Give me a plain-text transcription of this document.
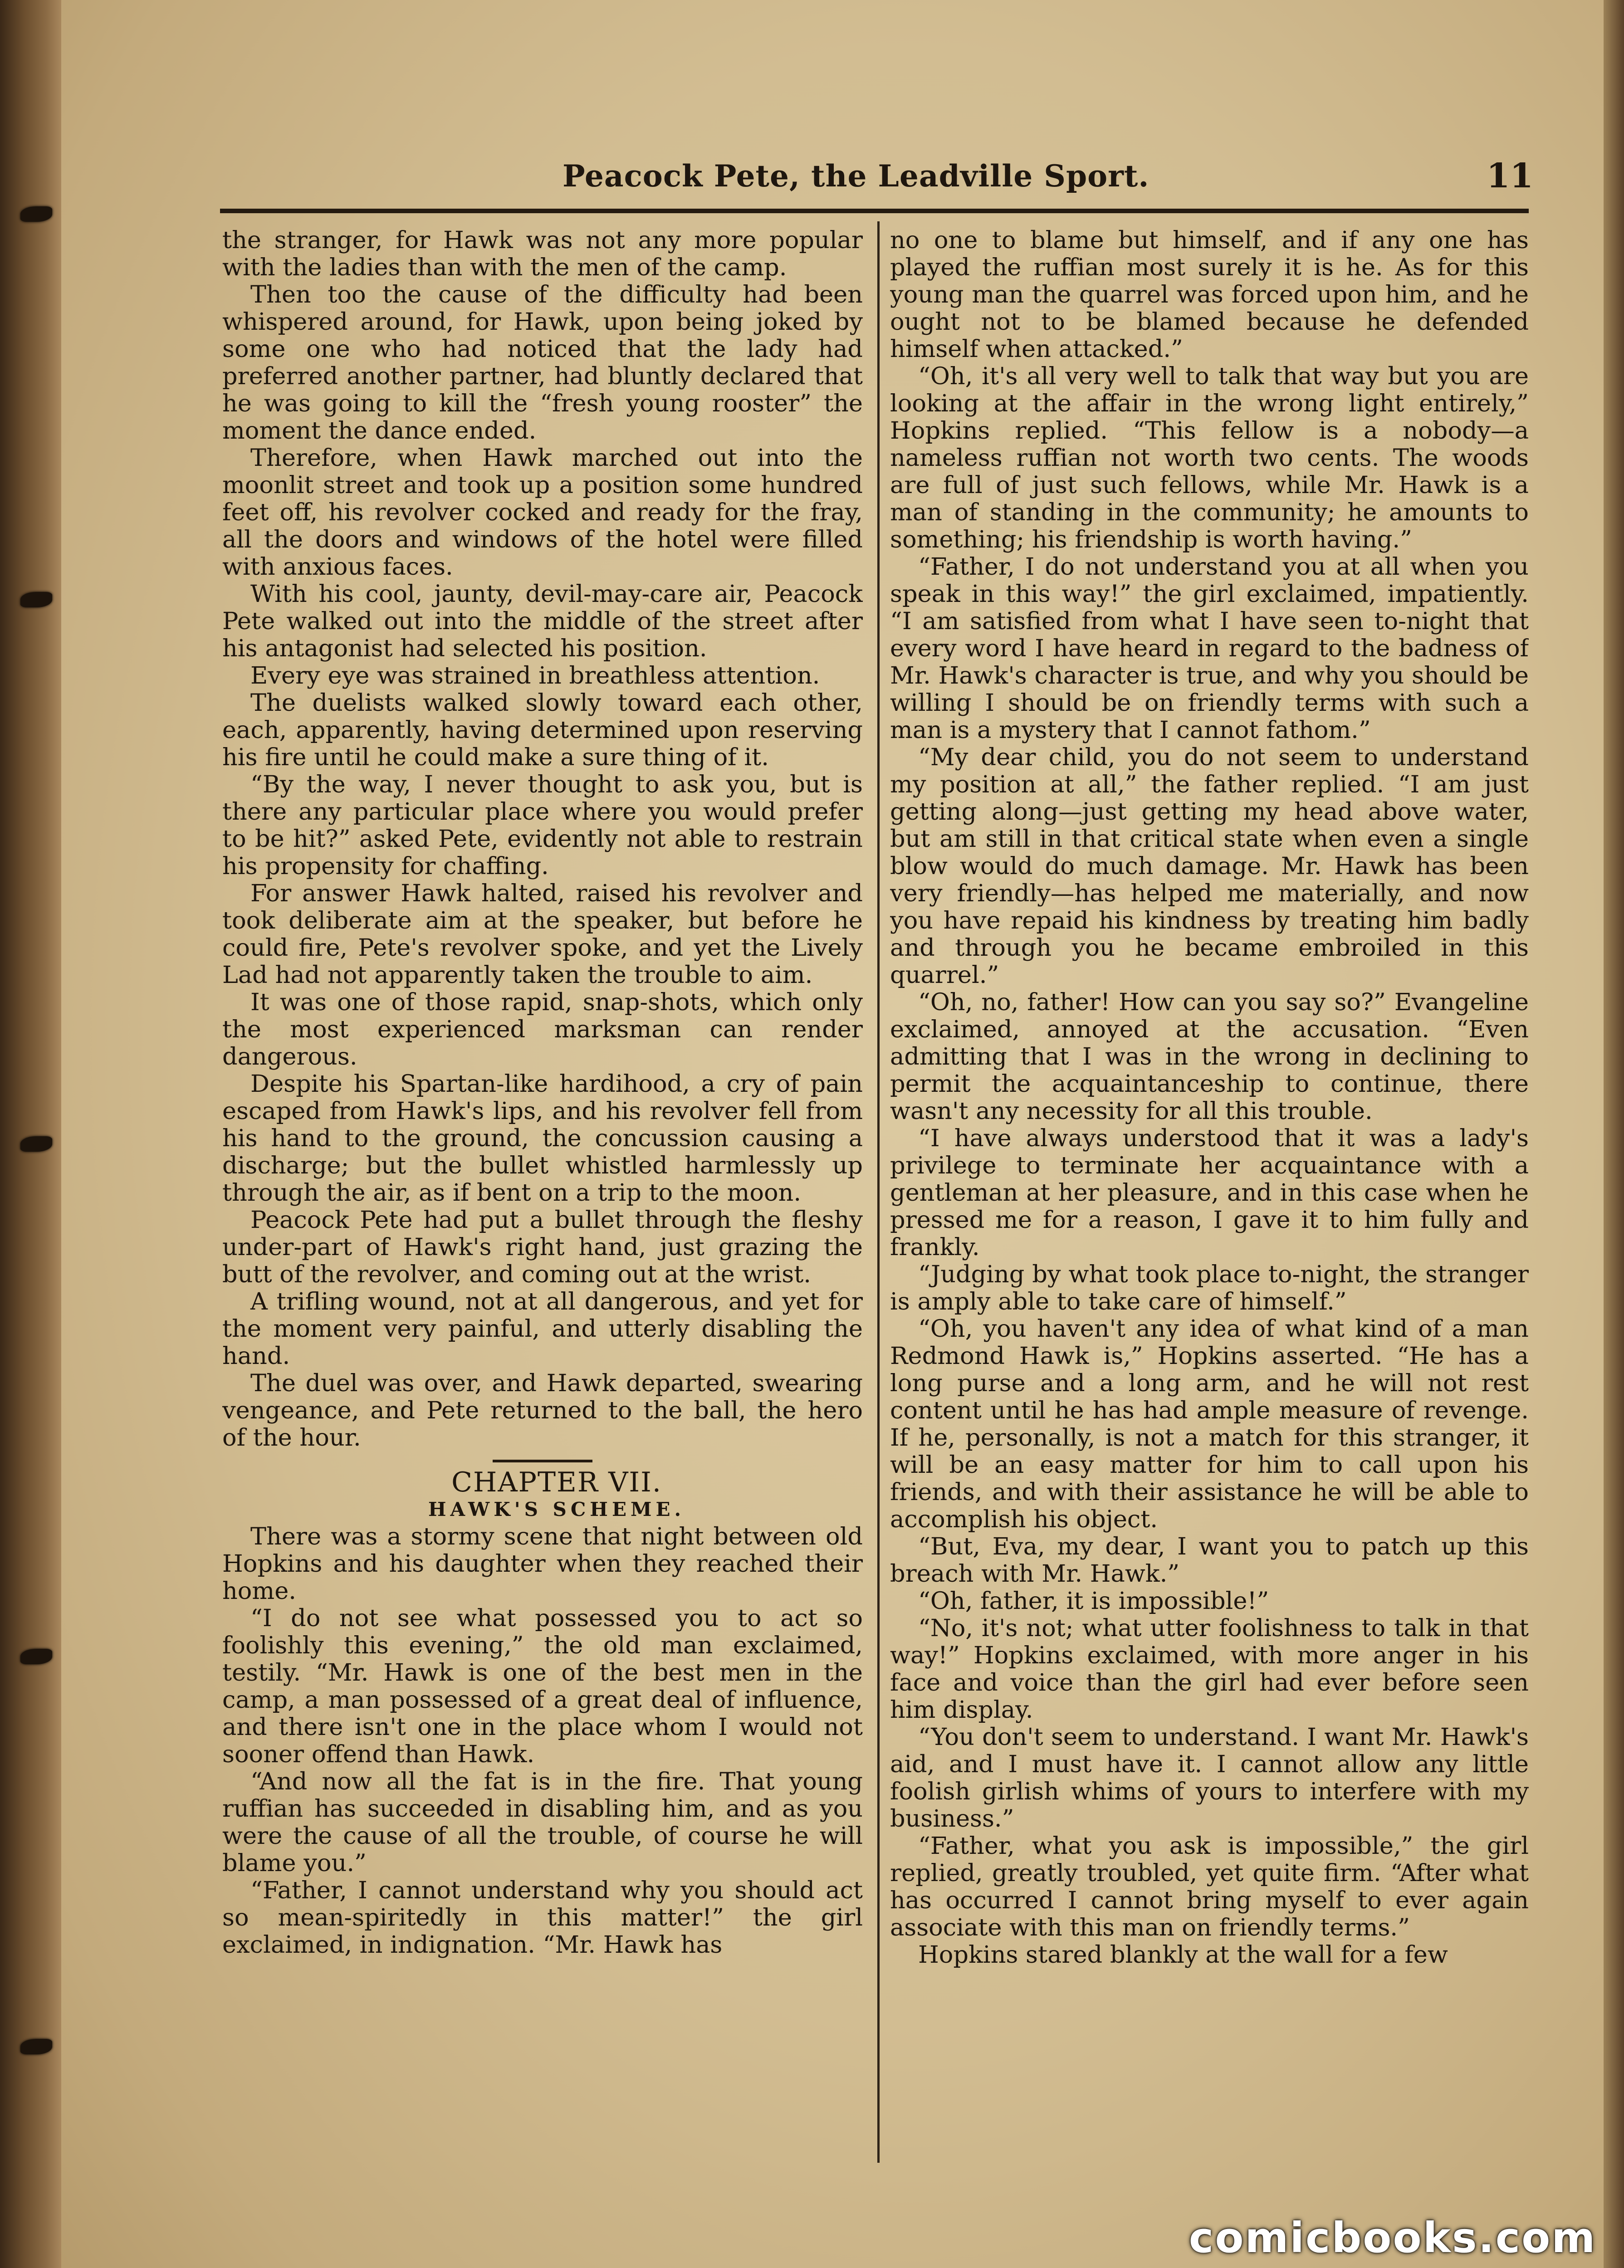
Peacock Pete, the Leadville Sport.	11

the stranger, for Hawk was not any more popular with the ladies than with the men of the camp.

Then too the cause of the difficulty had been whispered around, for Hawk, upon being joked by some one who had noticed that the lady had preferred another partner, had bluntly declared that he was going to kill the “fresh young rooster” the moment the dance ended.

Therefore, when Hawk marched out into the moonlit street and took up a position some hundred feet off, his revolver cocked and ready for the fray, all the doors and windows of the hotel were filled with anxious faces.

With his cool, jaunty, devil-may-care air, Peacock Pete walked out into the middle of the street after his antagonist had selected his position.

Every eye was strained in breathless attention.

The duelists walked slowly toward each other, each, apparently, having determined upon reserving his fire until he could make a sure thing of it.

“By the way, I never thought to ask you, but is there any particular place where you would prefer to be hit?” asked Pete, evidently not able to restrain his propensity for chaffing.

For answer Hawk halted, raised his revolver and took deliberate aim at the speaker, but before he could fire, Pete's revolver spoke, and yet the Lively Lad had not apparently taken the trouble to aim.

It was one of those rapid, snap-shots, which only the most experienced marksman can render dangerous.

Despite his Spartan-like hardihood, a cry of pain escaped from Hawk's lips, and his revolver fell from his hand to the ground, the concussion causing a discharge; but the bullet whistled harmlessly up through the air, as if bent on a trip to the moon.

Peacock Pete had put a bullet through the fleshy under-part of Hawk's right hand, just grazing the butt of the revolver, and coming out at the wrist.

A trifling wound, not at all dangerous, and yet for the moment very painful, and utterly disabling the hand.

The duel was over, and Hawk departed, swearing vengeance, and Pete returned to the ball, the hero of the hour.

CHAPTER VII.

HAWK'S SCHEME.

There was a stormy scene that night between old Hopkins and his daughter when they reached their home.

“I do not see what possessed you to act so foolishly this evening,” the old man exclaimed, testily. “Mr. Hawk is one of the best men in the camp, a man possessed of a great deal of influence, and there isn't one in the place whom I would not sooner offend than Hawk.

“And now all the fat is in the fire. That young ruffian has succeeded in disabling him, and as you were the cause of all the trouble, of course he will blame you.”

“Father, I cannot understand why you should act so mean-spiritedly in this matter!” the girl exclaimed, in indignation. “Mr. Hawk has

no one to blame but himself, and if any one has played the ruffian most surely it is he. As for this young man the quarrel was forced upon him, and he ought not to be blamed because he defended himself when attacked.”

“Oh, it's all very well to talk that way but you are looking at the affair in the wrong light entirely,” Hopkins replied. “This fellow is a nobody—a nameless ruffian not worth two cents. The woods are full of just such fellows, while Mr. Hawk is a man of standing in the community; he amounts to something; his friendship is worth having.”

“Father, I do not understand you at all when you speak in this way!” the girl exclaimed, impatiently. “I am satisfied from what I have seen to-night that every word I have heard in regard to the badness of Mr. Hawk's character is true, and why you should be willing I should be on friendly terms with such a man is a mystery that I cannot fathom.”

“My dear child, you do not seem to understand my position at all,” the father replied. “I am just getting along—just getting my head above water, but am still in that critical state when even a single blow would do much damage. Mr. Hawk has been very friendly—has helped me materially, and now you have repaid his kindness by treating him badly and through you he became embroiled in this quarrel.”

“Oh, no, father! How can you say so?” Evangeline exclaimed, annoyed at the accusation. “Even admitting that I was in the wrong in declining to permit the acquaintanceship to continue, there wasn't any necessity for all this trouble.

“I have always understood that it was a lady's privilege to terminate her acquaintance with a gentleman at her pleasure, and in this case when he pressed me for a reason, I gave it to him fully and frankly.

“Judging by what took place to-night, the stranger is amply able to take care of himself.”

“Oh, you haven't any idea of what kind of a man Redmond Hawk is,” Hopkins asserted. “He has a long purse and a long arm, and he will not rest content until he has had ample measure of revenge. If he, personally, is not a match for this stranger, it will be an easy matter for him to call upon his friends, and with their assistance he will be able to accomplish his object.

“But, Eva, my dear, I want you to patch up this breach with Mr. Hawk.”

“Oh, father, it is impossible!”

“No, it's not; what utter foolishness to talk in that way!” Hopkins exclaimed, with more anger in his face and voice than the girl had ever before seen him display.

“You don't seem to understand. I want Mr. Hawk's aid, and I must have it. I cannot allow any little foolish girlish whims of yours to interfere with my business.”

“Father, what you ask is impossible,” the girl replied, greatly troubled, yet quite firm. “After what has occurred I cannot bring myself to ever again associate with this man on friendly terms.”

Hopkins stared blankly at the wall for a few

comicbooks.com
